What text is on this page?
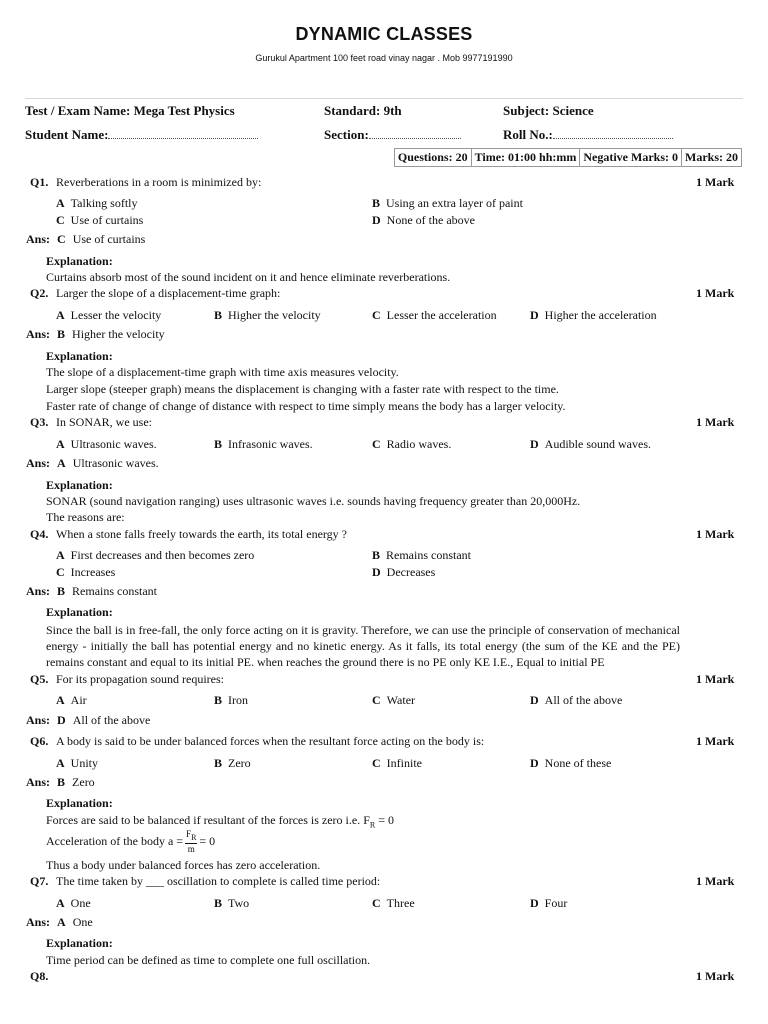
DYNAMIC CLASSES
Gurukul Apartment 100 feet road vinay nagar . Mob 9977191990
Test / Exam Name: Mega Test Physics	Standard: 9th	Subject: Science
Student Name:	Section:	Roll No.:
Questions: 20 Time: 01:00 hh:mm Negative Marks: 0 Marks: 20
Q1. Reverberations in a room is minimized by:	1 Mark
A Talking softly	B Using an extra layer of paint
C Use of curtains	D None of the above
Ans: C Use of curtains
Explanation:
Curtains absorb most of the sound incident on it and hence eliminate reverberations.
Q2. Larger the slope of a displacement-time graph:	1 Mark
A Lesser the velocity	B Higher the velocity	C Lesser the acceleration	D Higher the acceleration
Ans: B Higher the velocity
Explanation:
The slope of a displacement-time graph with time axis measures velocity.
Larger slope (steeper graph) means the displacement is changing with a faster rate with respect to the time.
Faster rate of change of change of distance with respect to time simply means the body has a larger velocity.
Q3. In SONAR, we use:	1 Mark
A Ultrasonic waves.	B Infrasonic waves.	C Radio waves.	D Audible sound waves.
Ans: A Ultrasonic waves.
Explanation:
SONAR (sound navigation ranging) uses ultrasonic waves i.e. sounds having frequency greater than 20,000Hz.
The reasons are:
Q4. When a stone falls freely towards the earth, its total energy ?	1 Mark
A First decreases and then becomes zero	B Remains constant
C Increases	D Decreases
Ans: B Remains constant
Explanation:
Since the ball is in free-fall, the only force acting on it is gravity. Therefore, we can use the principle of conservation of mechanical energy - initially the ball has potential energy and no kinetic energy. As it falls, its total energy (the sum of the KE and the PE) remains constant and equal to its initial PE. when reaches the ground there is no PE only KE I.E., Equal to initial PE
Q5. For its propagation sound requires:	1 Mark
A Air	B Iron	C Water	D All of the above
Ans: D All of the above
Q6. A body is said to be under balanced forces when the resultant force acting on the body is:	1 Mark
A Unity	B Zero	C Infinite	D None of these
Ans: B Zero
Explanation:
Forces are said to be balanced if resultant of the forces is zero i.e. $F_R = 0$
Acceleration of the body $a = \frac{F_R}{m} = 0$
Thus a body under balanced forces has zero acceleration.
Q7. The time taken by ___ oscillation to complete is called time period:	1 Mark
A One	B Two	C Three	D Four
Ans: A One
Explanation:
Time period can be defined as time to complete one full oscillation.
Q8.	1 Mark
